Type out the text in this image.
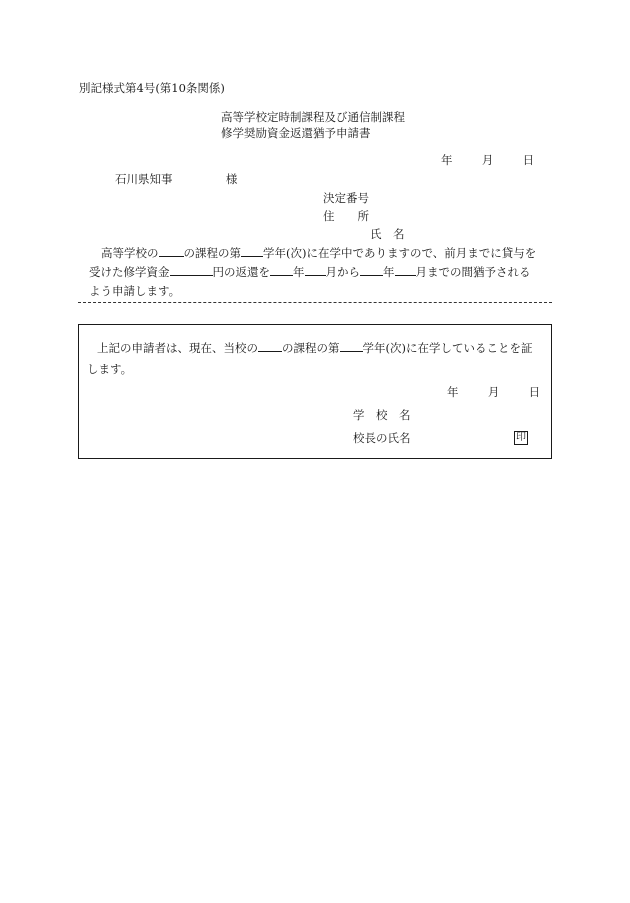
別記様式第4号(第10条関係)
高等学校定時制課程及び通信制課程
修学奨励資金返還猶予申請書
年	月	日
石川県知事	様
決定番号
住　　所
氏　名
高等学校の の課程の第 学年(次)に在学中でありますので、前月までに貸与を
受けた修学資金	円の返還を 年 月から 年 月までの間猶予される
よう申請します。
上記の申請者は、現在、当校の の課程の第 学年(次)に在学していることを証
します。
年	月	日
学　校　名
校長の氏名	印
